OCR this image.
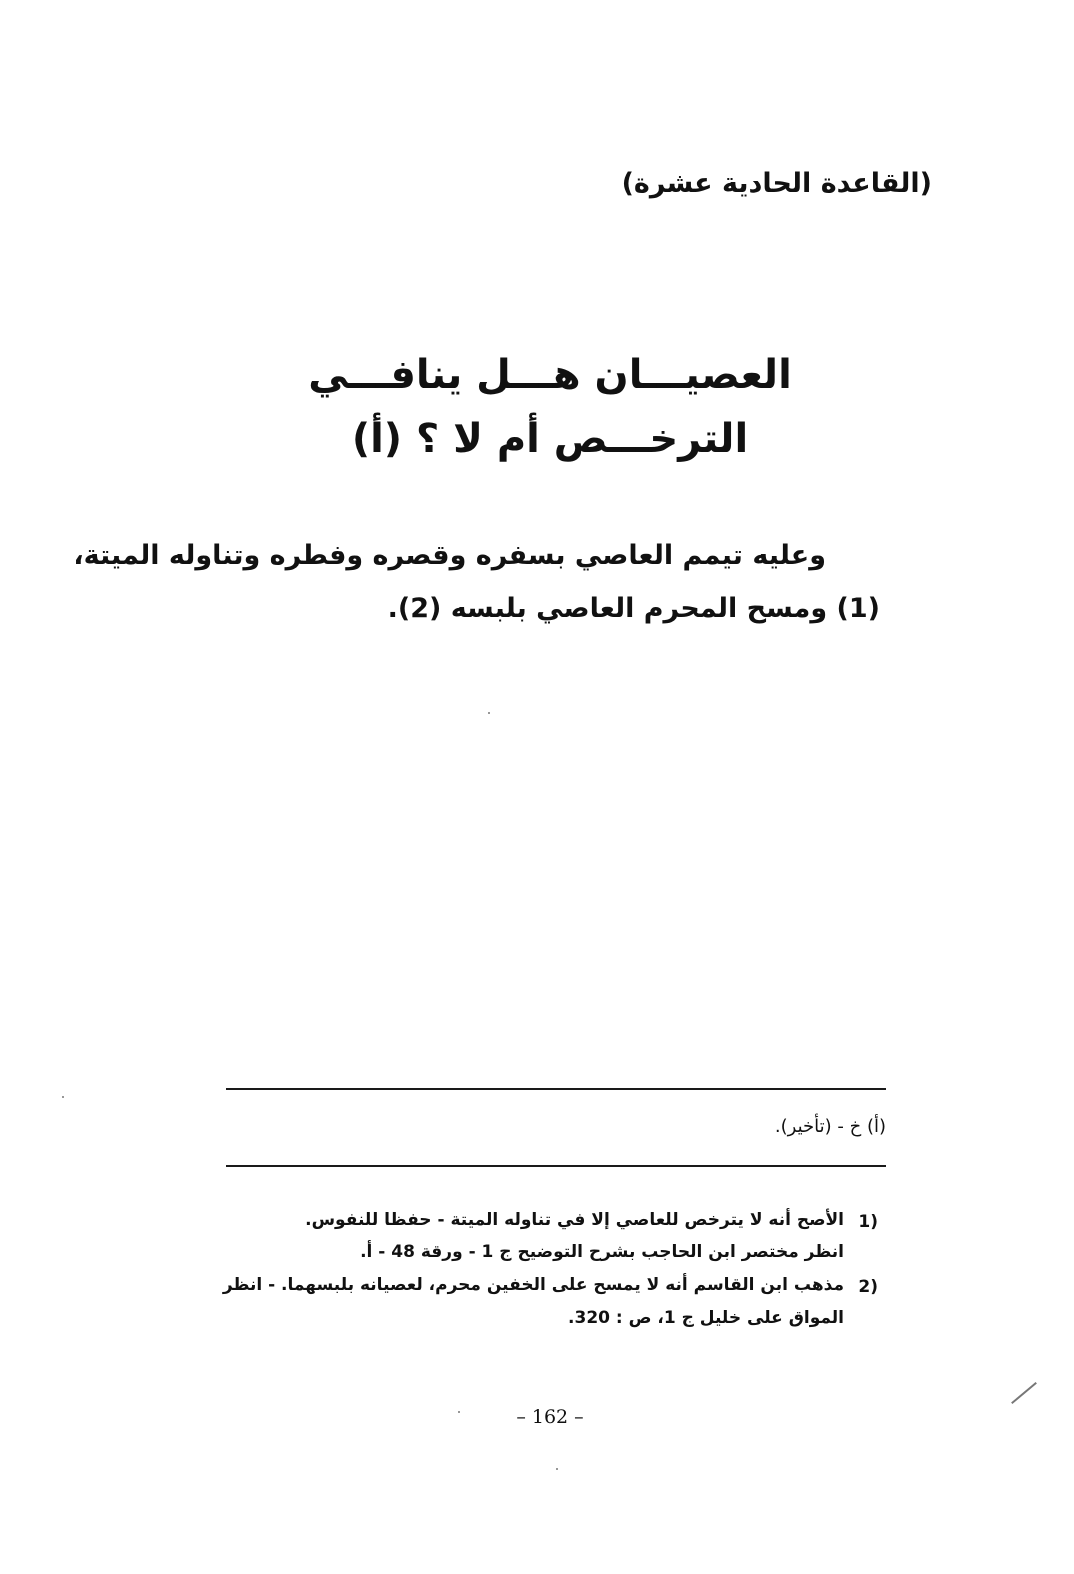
(القاعدة الحادية عشرة)
العصيـــان هـــل ينافـــي
الترخـــص أم لا ؟ (أ)
وعليه تيمم العاصي بسفره وقصره وفطره وتناوله الميتة،
(1) ومسح المحرم العاصي بلبسه (2).
(أ) خ - (تأخير).
(1
الأصح أنه لا يترخص للعاصي إلا في تناوله الميتة - حفظا للنفوس.
انظر مختصر ابن الحاجب بشرح التوضيح ج 1 - ورقة 48 - أ.
(2
مذهب ابن القاسم أنه لا يمسح على الخفين محرم، لعصيانه بلبسهما. - انظر
المواق على خليل ج 1، ص : 320.
– 162 –
